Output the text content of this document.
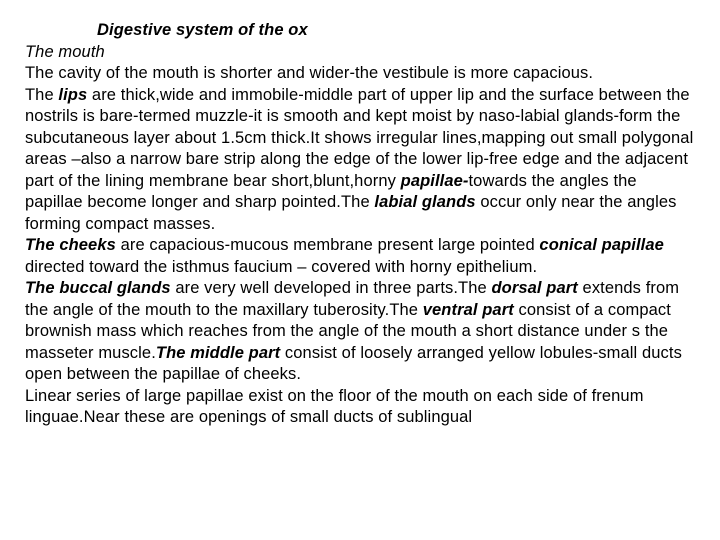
Digestive system of the ox

The mouth

The cavity of the mouth is shorter and wider-the vestibule is more capacious.

The lips are thick,wide and immobile-middle part of upper lip and the surface between the nostrils is bare-termed muzzle-it is smooth and kept moist by naso-labial glands-form the subcutaneous layer about 1.5cm thick.It shows irregular lines,mapping out small polygonal areas –also a narrow bare strip along the edge of the lower lip-free edge and the adjacent part of the lining membrane bear short,blunt,horny papillae-towards the angles the papillae become longer and sharp pointed.The labial glands occur only near the angles forming compact masses.

The cheeks are capacious-mucous membrane present large pointed conical papillae directed toward the isthmus faucium – covered with horny epithelium.

The buccal glands are very well developed in three parts.The dorsal part extends from the angle of the mouth to the maxillary tuberosity.The ventral part consist of a compact brownish mass which reaches from the angle of the mouth a short distance under s the masseter muscle.The middle part consist of loosely arranged yellow lobules-small ducts open between the papillae of cheeks.

Linear series of large papillae exist on the floor of the mouth on each side of frenum linguae.Near these are openings of small ducts of sublingual
